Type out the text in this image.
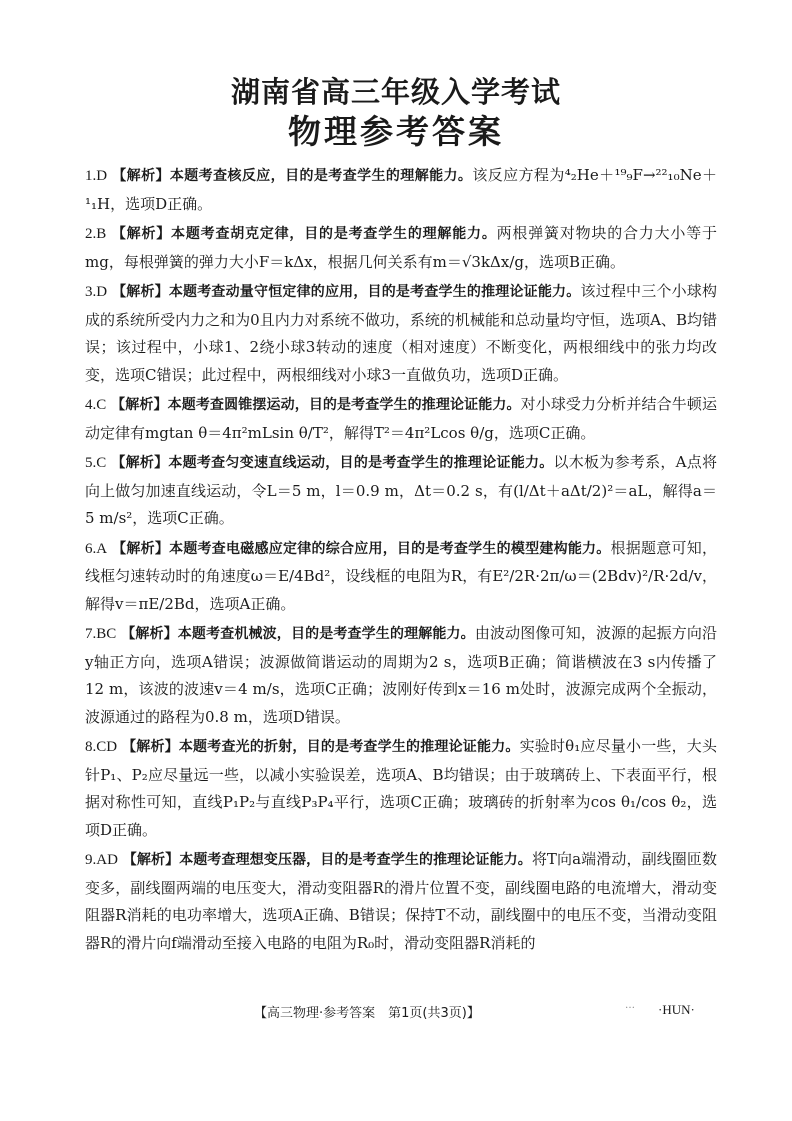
湖南省高三年级入学考试
物理参考答案
1.D 【解析】本题考查核反应，目的是考查学生的理解能力。该反应方程为⁴₂He＋¹⁹₉F→²²₁₀Ne＋¹₁H，选项D正确。
2.B 【解析】本题考查胡克定律，目的是考查学生的理解能力。两根弹簧对物块的合力大小等于mg，每根弹簧的弹力大小F＝kΔx，根据几何关系有m＝√3kΔx/g，选项B正确。
3.D 【解析】本题考查动量守恒定律的应用，目的是考查学生的推理论证能力。该过程中三个小球构成的系统所受内力之和为0且内力对系统不做功，系统的机械能和总动量均守恒，选项A、B均错误；该过程中，小球1、2绕小球3转动的速度（相对速度）不断变化，两根细线中的张力均改变，选项C错误；此过程中，两根细线对小球3一直做负功，选项D正确。
4.C 【解析】本题考查圆锥摆运动，目的是考查学生的推理论证能力。对小球受力分析并结合牛顿运动定律有mgtan θ＝4π²mLsin θ/T²，解得T²＝4π²Lcos θ/g，选项C正确。
5.C 【解析】本题考查匀变速直线运动，目的是考查学生的推理论证能力。以木板为参考系，A点将向上做匀加速直线运动，令L＝5 m，l＝0.9 m，Δt＝0.2 s，有(l/Δt＋aΔt/2)²＝aL，解得a＝5 m/s²，选项C正确。
6.A 【解析】本题考查电磁感应定律的综合应用，目的是考查学生的模型建构能力。根据题意可知，线框匀速转动时的角速度ω＝E/4Bd²，设线框的电阻为R，有E²/2R·2π/ω＝(2Bdv)²/R·2d/v，解得v＝πE/2Bd，选项A正确。
7.BC 【解析】本题考查机械波，目的是考查学生的理解能力。由波动图像可知，波源的起振方向沿y轴正方向，选项A错误；波源做简谐运动的周期为2 s，选项B正确；简谐横波在3 s内传播了12 m，该波的波速v＝4 m/s，选项C正确；波刚好传到x＝16 m处时，波源完成两个全振动，波源通过的路程为0.8 m，选项D错误。
8.CD 【解析】本题考查光的折射，目的是考查学生的推理论证能力。实验时θ₁应尽量小一些，大头针P₁、P₂应尽量远一些，以减小实验误差，选项A、B均错误；由于玻璃砖上、下表面平行，根据对称性可知，直线P₁P₂与直线P₃P₄平行，选项C正确；玻璃砖的折射率为cos θ₁/cos θ₂，选项D正确。
9.AD 【解析】本题考查理想变压器，目的是考查学生的推理论证能力。将T向a端滑动，副线圈匝数变多，副线圈两端的电压变大，滑动变阻器R的滑片位置不变，副线圈电路的电流增大，滑动变阻器R消耗的电功率增大，选项A正确、B错误；保持T不动，副线圈中的电压不变，当滑动变阻器R的滑片向f端滑动至接入电路的电阻为R₀时，滑动变阻器R消耗的
【高三物理·参考答案　第1页(共3页)】
… ·HUN·
